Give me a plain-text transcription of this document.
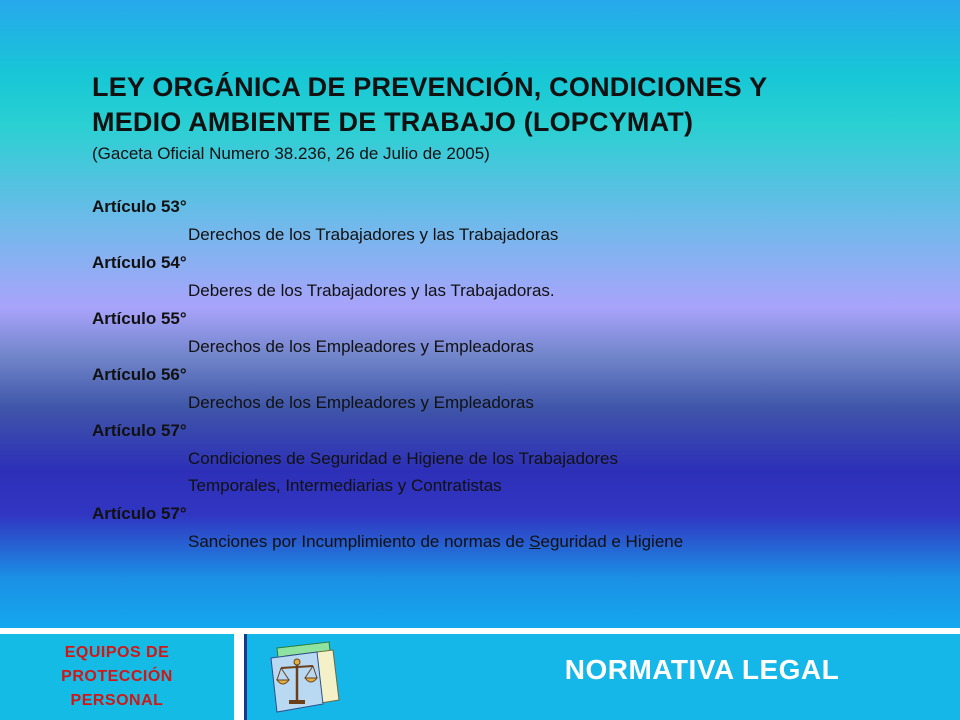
LEY ORGÁNICA DE PREVENCIÓN, CONDICIONES Y
MEDIO AMBIENTE DE TRABAJO (LOPCYMAT)
(Gaceta Oficial Numero 38.236, 26 de Julio de 2005)
Artículo 53°
Derechos de los Trabajadores y las Trabajadoras
Artículo 54°
Deberes de los Trabajadores y las Trabajadoras.
Artículo 55°
Derechos de los Empleadores y Empleadoras
Artículo 56°
Derechos de los Empleadores y Empleadoras
Artículo 57°
Condiciones de Seguridad e Higiene de los Trabajadores
Temporales, Intermediarias y Contratistas
Artículo 57°
Sanciones por Incumplimiento de normas de Seguridad e Higiene
EQUIPOS DE
PROTECCIÓN
PERSONAL
NORMATIVA LEGAL
